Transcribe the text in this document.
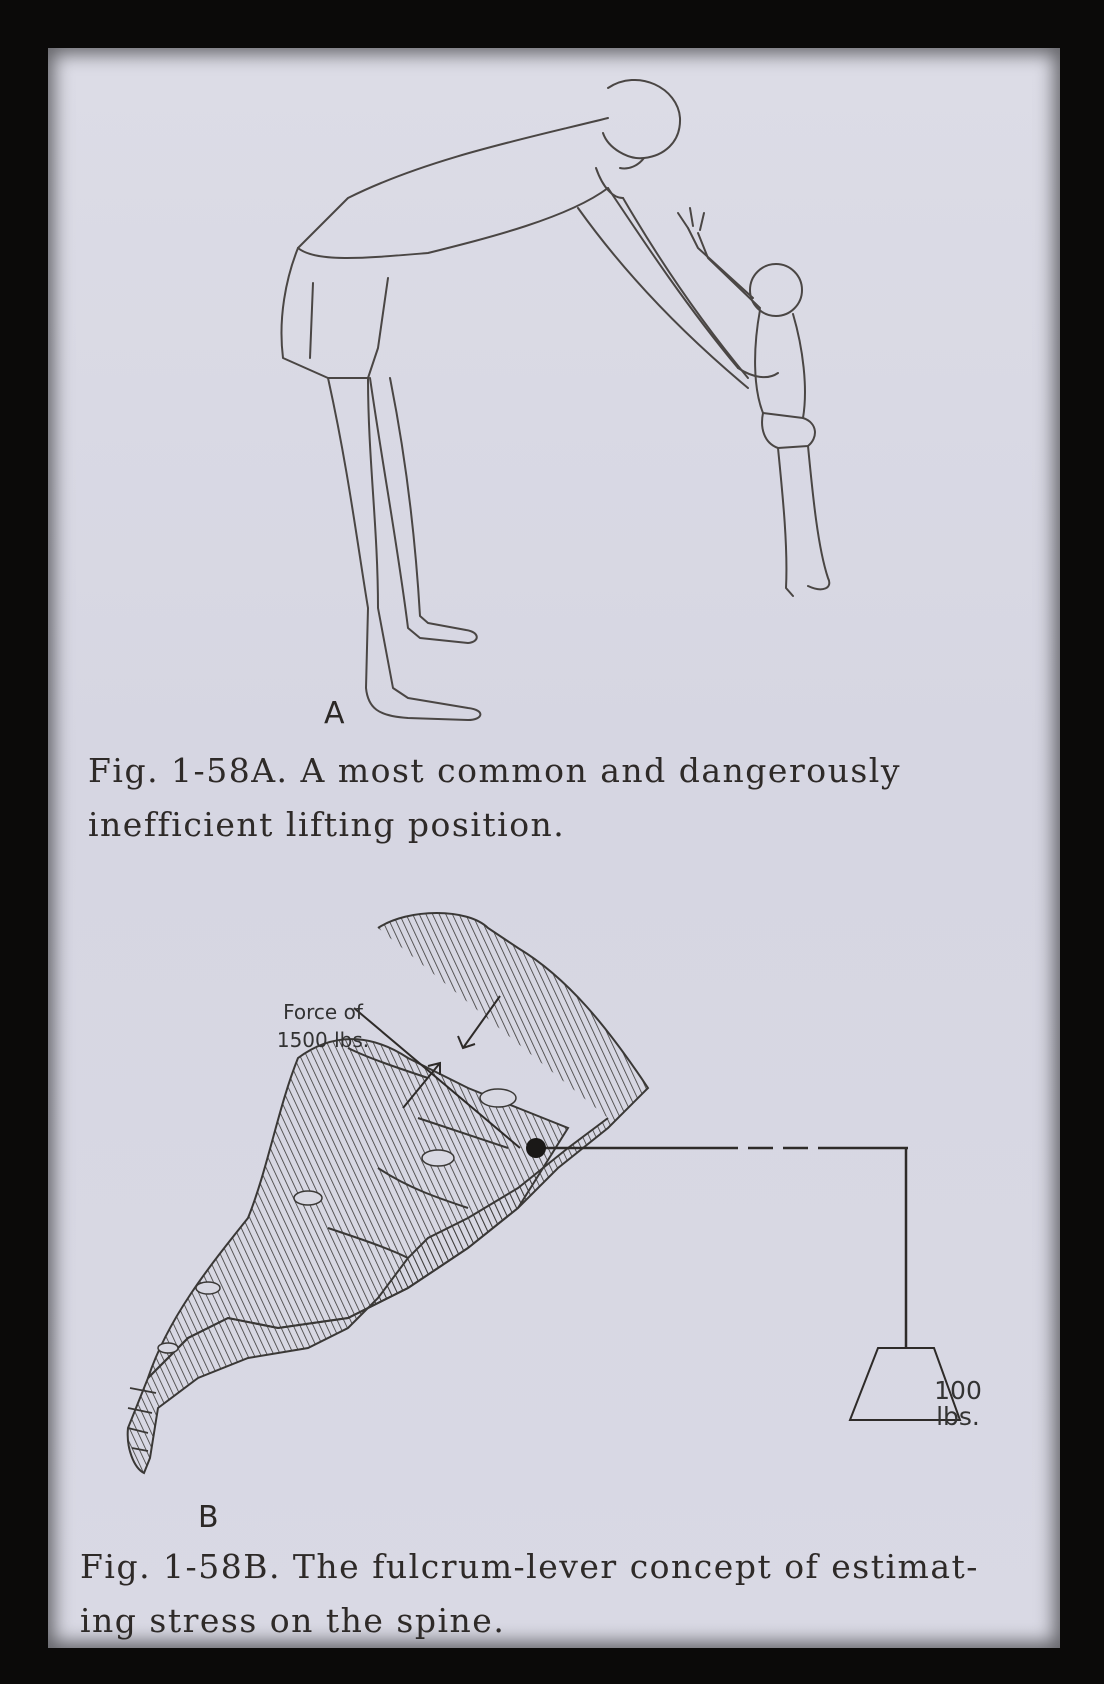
A

Fig. 1-58A. A most common and dangerously
inefficient lifting position.

Force of
1500 lbs.
100
lbs.
B

Fig. 1-58B. The fulcrum-lever concept of estimat-
ing stress on the spine.
